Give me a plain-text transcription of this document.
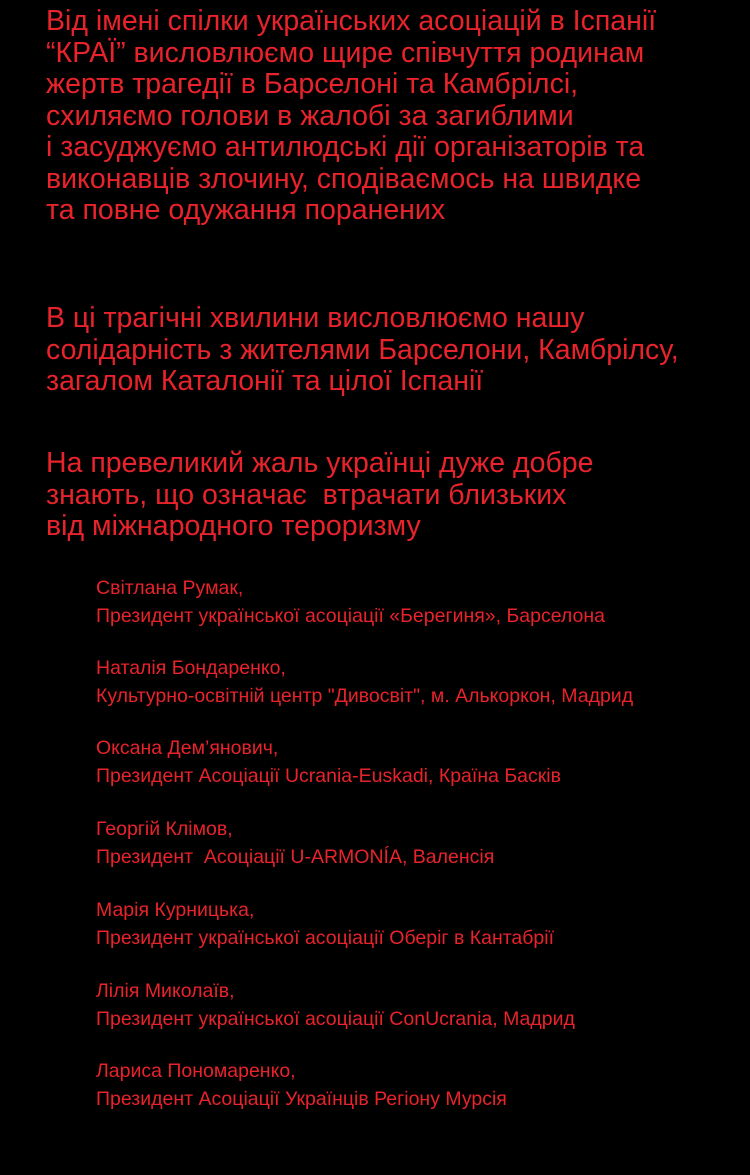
Від імені спілки українських асоціацій в Іспанії
“КРАЇ” висловлюємо щире співчуття родинам
жертв трагедії в Барселоні та Камбрілсі,
схиляємо голови в жалобі за загиблими
і засуджуємо антилюдські дії організаторів та
виконавців злочину, сподіваємось на швидке
та повне одужання поранених

В ці трагічні хвилини висловлюємо нашу
солідарність з жителями Барселони, Камбрілсу,
загалом Каталонії та цілої Іспанії

На превеликий жаль українці дуже добре
знають, що означає  втрачати близьких
від міжнародного тероризму

Світлана Румак,
Президент української асоціації «Берегиня», Барселона
Наталія Бондаренко,
Культурно-освітній центр "Дивосвіт", м. Алькоркон, Мадрид
Оксана Дем’янович,
Президент Асоціації Ucrania-Euskadi, Країна Басків
Георгій Клімов,
Президент  Асоціації U-ARMONÍA, Валенсія
Марія Курницька,
Президент української асоціації Оберіг в Кантабрії
Лілія Миколаїв,
Президент української асоціації ConUcrania, Мадрид
Лариса Пономаренко,
Президент Асоціації Українців Регіону Мурсія
